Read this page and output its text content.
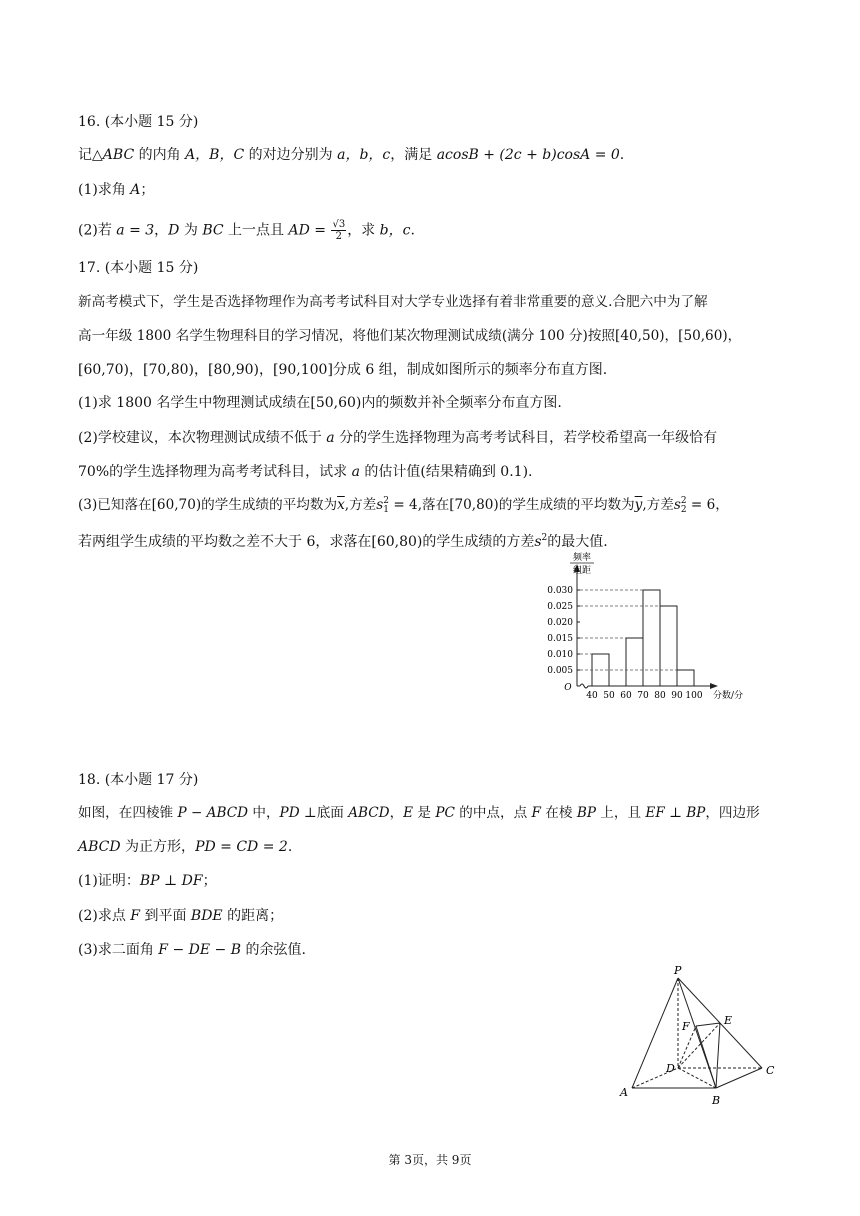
16. (本小题 15 分)
记△ABC 的内角 A，B，C 的对边分别为 a，b，c，满足 acosB + (2c + b)cosA = 0.
(1)求角 A；
(2)若 a = 3，D 为 BC 上一点且 AD = $\frac{√3}{2}$ ，求 b，c.
17. (本小题 15 分)
新高考模式下，学生是否选择物理作为高考考试科目对大学专业选择有着非常重要的意义.合肥六中为了解
高一年级 1800 名学生物理科目的学习情况，将他们某次物理测试成绩(满分 100 分)按照[40,50)，[50,60)，
[60,70)，[70,80)，[80,90)，[90,100]分成 6 组，制成如图所示的频率分布直方图.
(1)求 1800 名学生中物理测试成绩在[50,60)内的频数并补全频率分布直方图.
(2)学校建议，本次物理测试成绩不低于 a 分的学生选择物理为高考考试科目，若学校希望高一年级恰有
70%的学生选择物理为高考考试科目，试求 a 的估计值(结果精确到 0.1).
(3)已知落在[60,70)的学生成绩的平均数为$\overline{x}$,方差s 2
1 = 4,落在[70,80)的学生成绩的平均数为$\overline{y}$,方差s 2
2 = 6，
若两组学生成绩的平均数之差不大于 6，求落在[60,80)的学生成绩的方差$s^2$的最大值.
频率
组距
O
分数/分
0.030
0.025
0.020
0.015
0.010
0.005
40 50 60 70 80 90 100
18. (本小题 17 分)
如图，在四棱锥 P − ABCD 中，PD ⊥底面 ABCD，E 是 PC 的中点，点 F 在棱 BP 上，且 EF ⊥ BP，四边形
ABCD 为正方形，PD = CD = 2.
(1)证明：BP ⊥ DF；
(2)求点 F 到平面 BDE 的距离；
(3)求二面角 F − DE − B 的余弦值.
P
A
B
C
D
E
F
第 3页，共 9页
